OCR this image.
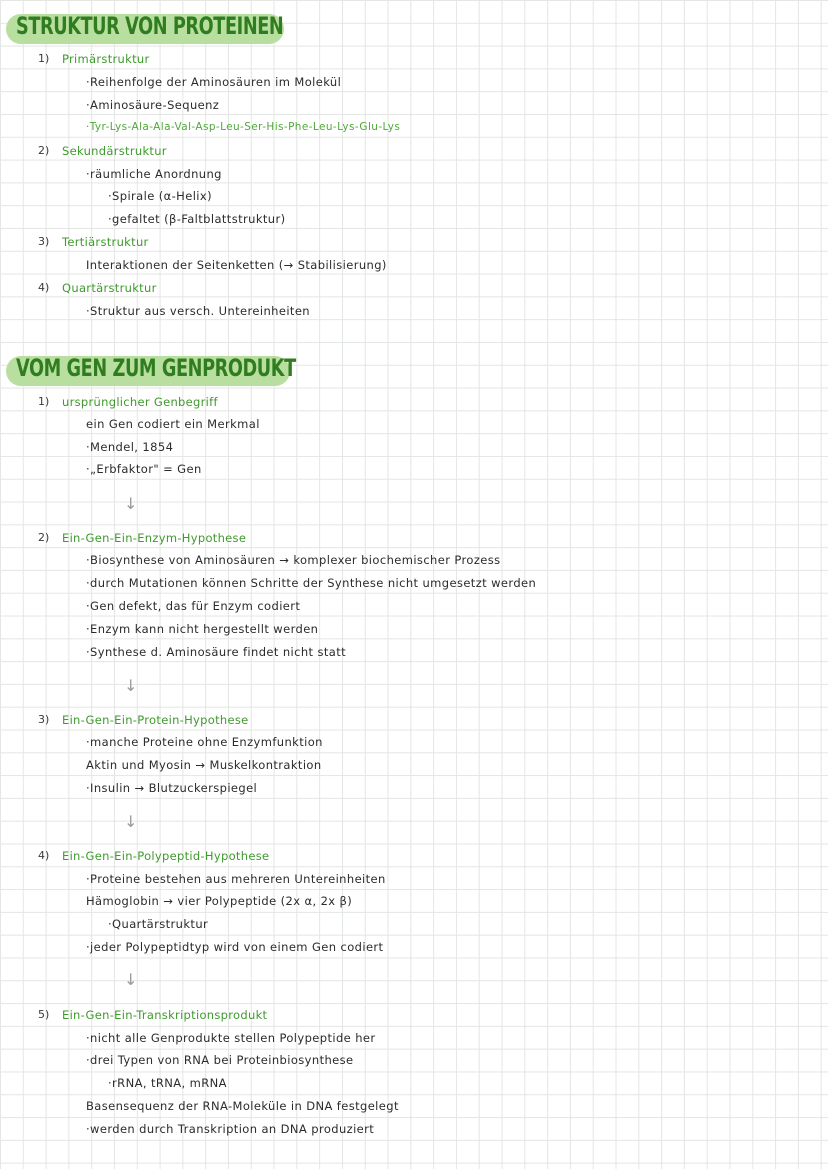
STRUKTUR VON PROTEINEN
1) Primärstruktur
·Reihenfolge der Aminosäuren im Molekül
·Aminosäure-Sequenz
·Tyr-Lys-Ala-Ala-Val-Asp-Leu-Ser-His-Phe-Leu-Lys-Glu-Lys
2) Sekundärstruktur
·räumliche Anordnung
·Spirale (α-Helix)
·gefaltet (β-Faltblattstruktur)
3) Tertiärstruktur
Interaktionen der Seitenketten (→ Stabilisierung)
4) Quartärstruktur
·Struktur aus versch. Untereinheiten
VOM GEN ZUM GENPRODUKT
1) ursprünglicher Genbegriff
ein Gen codiert ein Merkmal
·Mendel, 1854
·„Erbfaktor" = Gen
↓
2) Ein-Gen-Ein-Enzym-Hypothese
·Biosynthese von Aminosäuren → komplexer biochemischer Prozess
·durch Mutationen können Schritte der Synthese nicht umgesetzt werden
·Gen defekt, das für Enzym codiert
·Enzym kann nicht hergestellt werden
·Synthese d. Aminosäure findet nicht statt
↓
3) Ein-Gen-Ein-Protein-Hypothese
·manche Proteine ohne Enzymfunktion
Aktin und Myosin → Muskelkontraktion
·Insulin → Blutzuckerspiegel
↓
4) Ein-Gen-Ein-Polypeptid-Hypothese
·Proteine bestehen aus mehreren Untereinheiten
Hämoglobin → vier Polypeptide (2x α, 2x β)
·Quartärstruktur
·jeder Polypeptidtyp wird von einem Gen codiert
↓
5) Ein-Gen-Ein-Transkriptionsprodukt
·nicht alle Genprodukte stellen Polypeptide her
·drei Typen von RNA bei Proteinbiosynthese
·rRNA, tRNA, mRNA
Basensequenz der RNA-Moleküle in DNA festgelegt
·werden durch Transkription an DNA produziert
